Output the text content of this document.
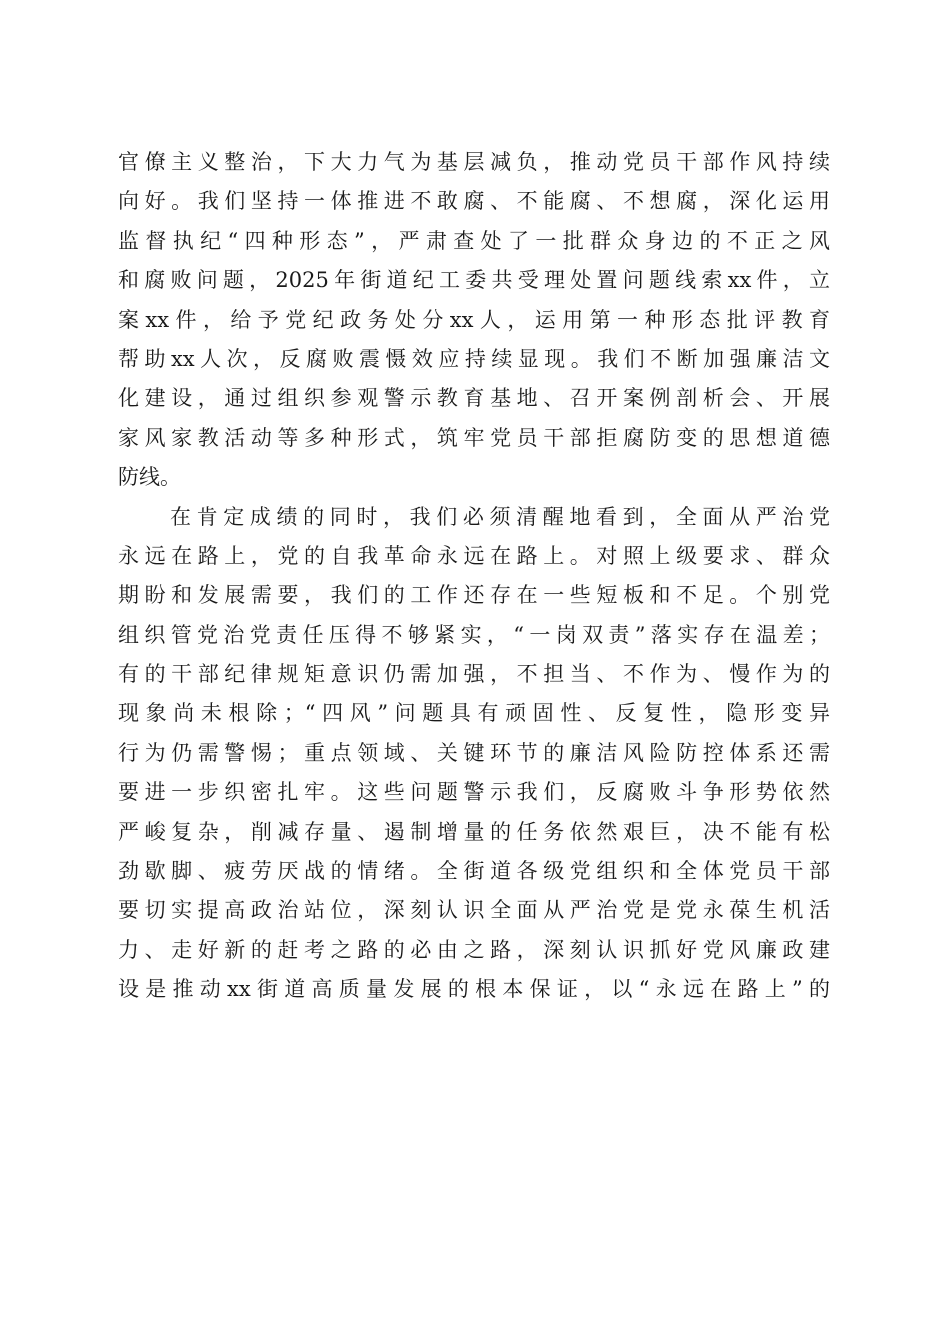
官僚主义整治，下大力气为基层减负，推动党员干部作风持续
向好。我们坚持一体推进不敢腐、不能腐、不想腐，深化运用
监督执纪“四种形态”，严肃查处了一批群众身边的不正之风
和腐败问题，2025年街道纪工委共受理处置问题线索xx件，立
案xx件，给予党纪政务处分xx人，运用第一种形态批评教育
帮助xx人次，反腐败震慑效应持续显现。我们不断加强廉洁文
化建设，通过组织参观警示教育基地、召开案例剖析会、开展
家风家教活动等多种形式，筑牢党员干部拒腐防变的思想道德
防线。
在肯定成绩的同时，我们必须清醒地看到，全面从严治党
永远在路上，党的自我革命永远在路上。对照上级要求、群众
期盼和发展需要，我们的工作还存在一些短板和不足。个别党
组织管党治党责任压得不够紧实，“一岗双责”落实存在温差；
有的干部纪律规矩意识仍需加强，不担当、不作为、慢作为的
现象尚未根除；“四风”问题具有顽固性、反复性，隐形变异
行为仍需警惕；重点领域、关键环节的廉洁风险防控体系还需
要进一步织密扎牢。这些问题警示我们，反腐败斗争形势依然
严峻复杂，削减存量、遏制增量的任务依然艰巨，决不能有松
劲歇脚、疲劳厌战的情绪。全街道各级党组织和全体党员干部
要切实提高政治站位，深刻认识全面从严治党是党永葆生机活
力、走好新的赶考之路的必由之路，深刻认识抓好党风廉政建
设是推动xx街道高质量发展的根本保证，以“永远在路上”的
